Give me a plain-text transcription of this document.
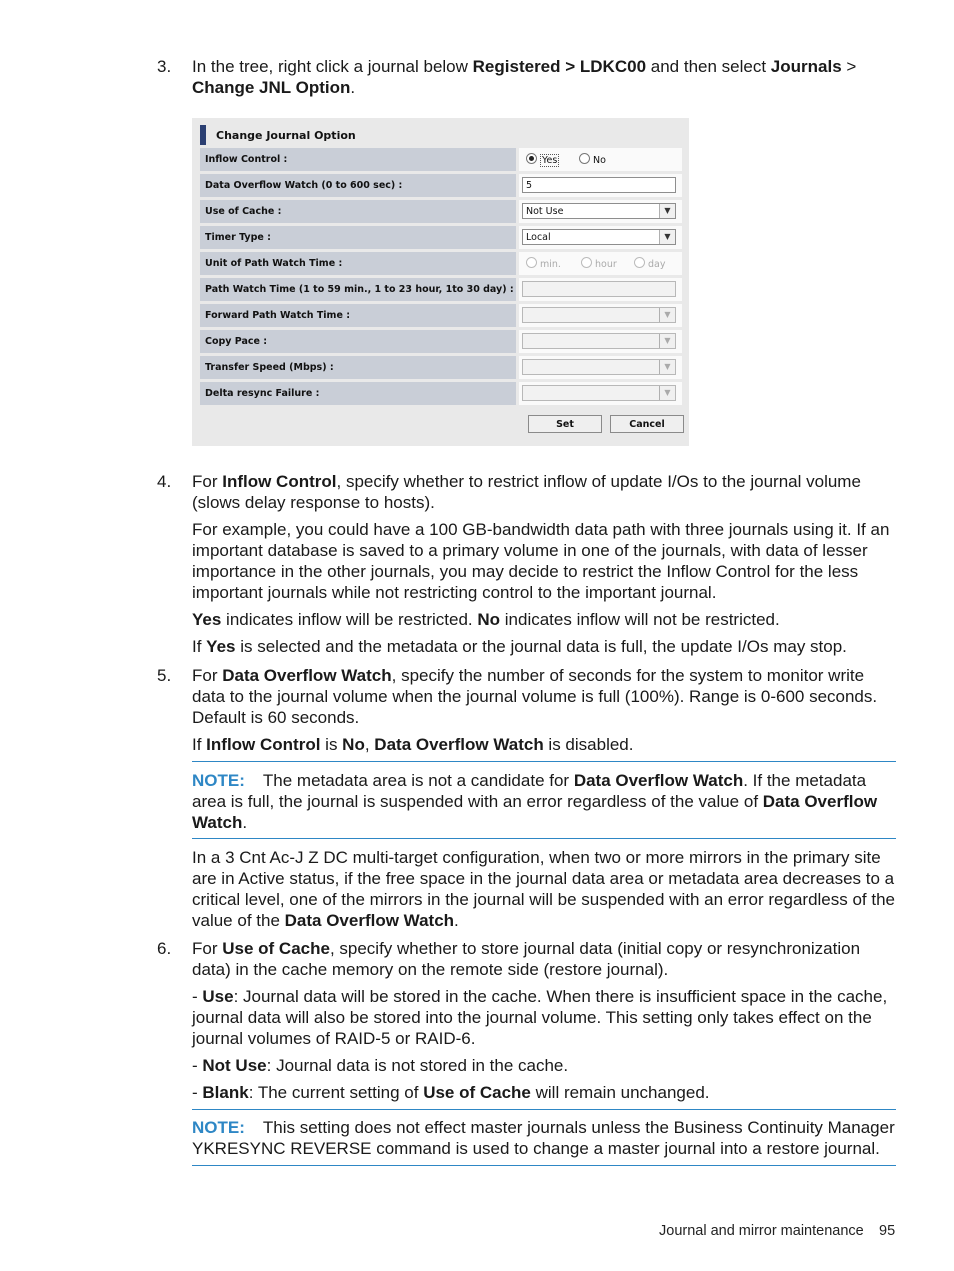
3.	In the tree, right click a journal below Registered > LDKC00 and then select Journals > Change JNL Option.
Change Journal Option
Inflow Control :	Yes	No
Data Overflow Watch (0 to 600 sec) :	5
Use of Cache :	Not Use	▼
Timer Type :	Local	▼
Unit of Path Watch Time :	min.	hour	day
Path Watch Time (1 to 59 min., 1 to 23 hour, 1to 30 day) :
Forward Path Watch Time :	▼
Copy Pace :	▼
Transfer Speed (Mbps) :	▼
Delta resync Failure :	▼
Set	Cancel
4.	For Inflow Control, specify whether to restrict inflow of update I/Os to the journal volume (slows delay response to hosts).
For example, you could have a 100 GB-bandwidth data path with three journals using it. If an important database is saved to a primary volume in one of the journals, with data of lesser importance in the other journals, you may decide to restrict the Inflow Control for the less important journals while not restricting control to the important journal.
Yes indicates inflow will be restricted. No indicates inflow will not be restricted.
If Yes is selected and the metadata or the journal data is full, the update I/Os may stop.
5.	For Data Overflow Watch, specify the number of seconds for the system to monitor write data to the journal volume when the journal volume is full (100%). Range is 0-600 seconds. Default is 60 seconds.
If Inflow Control is No, Data Overflow Watch is disabled.
NOTE: The metadata area is not a candidate for Data Overflow Watch. If the metadata area is full, the journal is suspended with an error regardless of the value of Data Overflow Watch.
In a 3 Cnt Ac-J Z DC multi-target configuration, when two or more mirrors in the primary site are in Active status, if the free space in the journal data area or metadata area decreases to a critical level, one of the mirrors in the journal will be suspended with an error regardless of the value of the Data Overflow Watch.
6.	For Use of Cache, specify whether to store journal data (initial copy or resynchronization data) in the cache memory on the remote side (restore journal).
- Use: Journal data will be stored in the cache. When there is insufficient space in the cache, journal data will also be stored into the journal volume. This setting only takes effect on the journal volumes of RAID-5 or RAID-6.
- Not Use: Journal data is not stored in the cache.
- Blank: The current setting of Use of Cache will remain unchanged.
NOTE: This setting does not effect master journals unless the Business Continuity Manager YKRESYNC REVERSE command is used to change a master journal into a restore journal.
Journal and mirror maintenance 95
